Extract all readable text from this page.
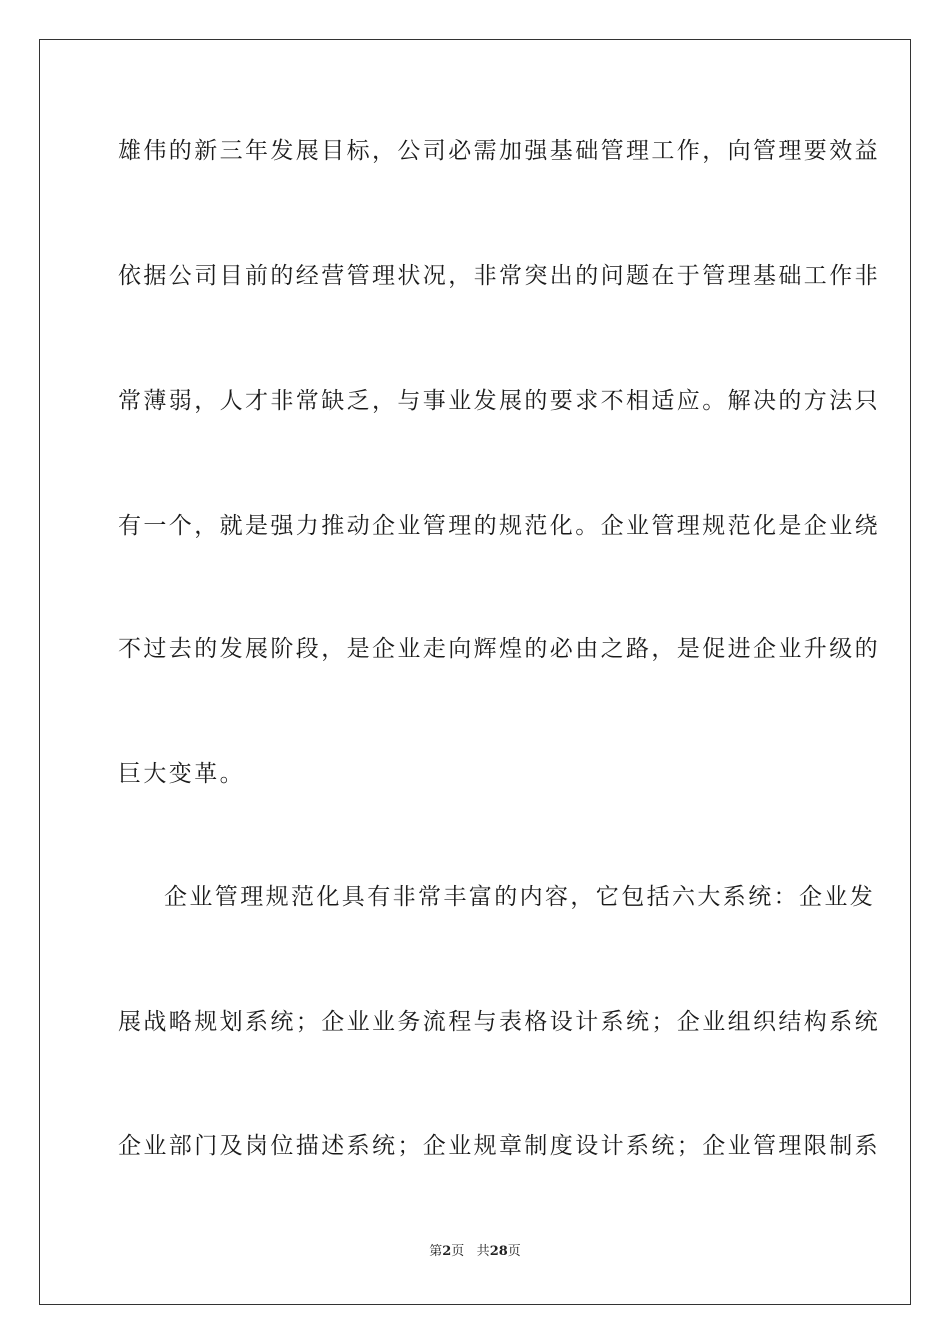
雄伟的新三年发展目标，公司必需加强基础管理工作，向管理要效益
依据公司目前的经营管理状况，非常突出的问题在于管理基础工作非
常薄弱，人才非常缺乏，与事业发展的要求不相适应。解决的方法只
有一个，就是强力推动企业管理的规范化。企业管理规范化是企业绕
不过去的发展阶段，是企业走向辉煌的必由之路，是促进企业升级的
巨大变革。
企业管理规范化具有非常丰富的内容，它包括六大系统：企业发
展战略规划系统；企业业务流程与表格设计系统；企业组织结构系统
企业部门及岗位描述系统；企业规章制度设计系统；企业管理限制系
第2页 共28页
